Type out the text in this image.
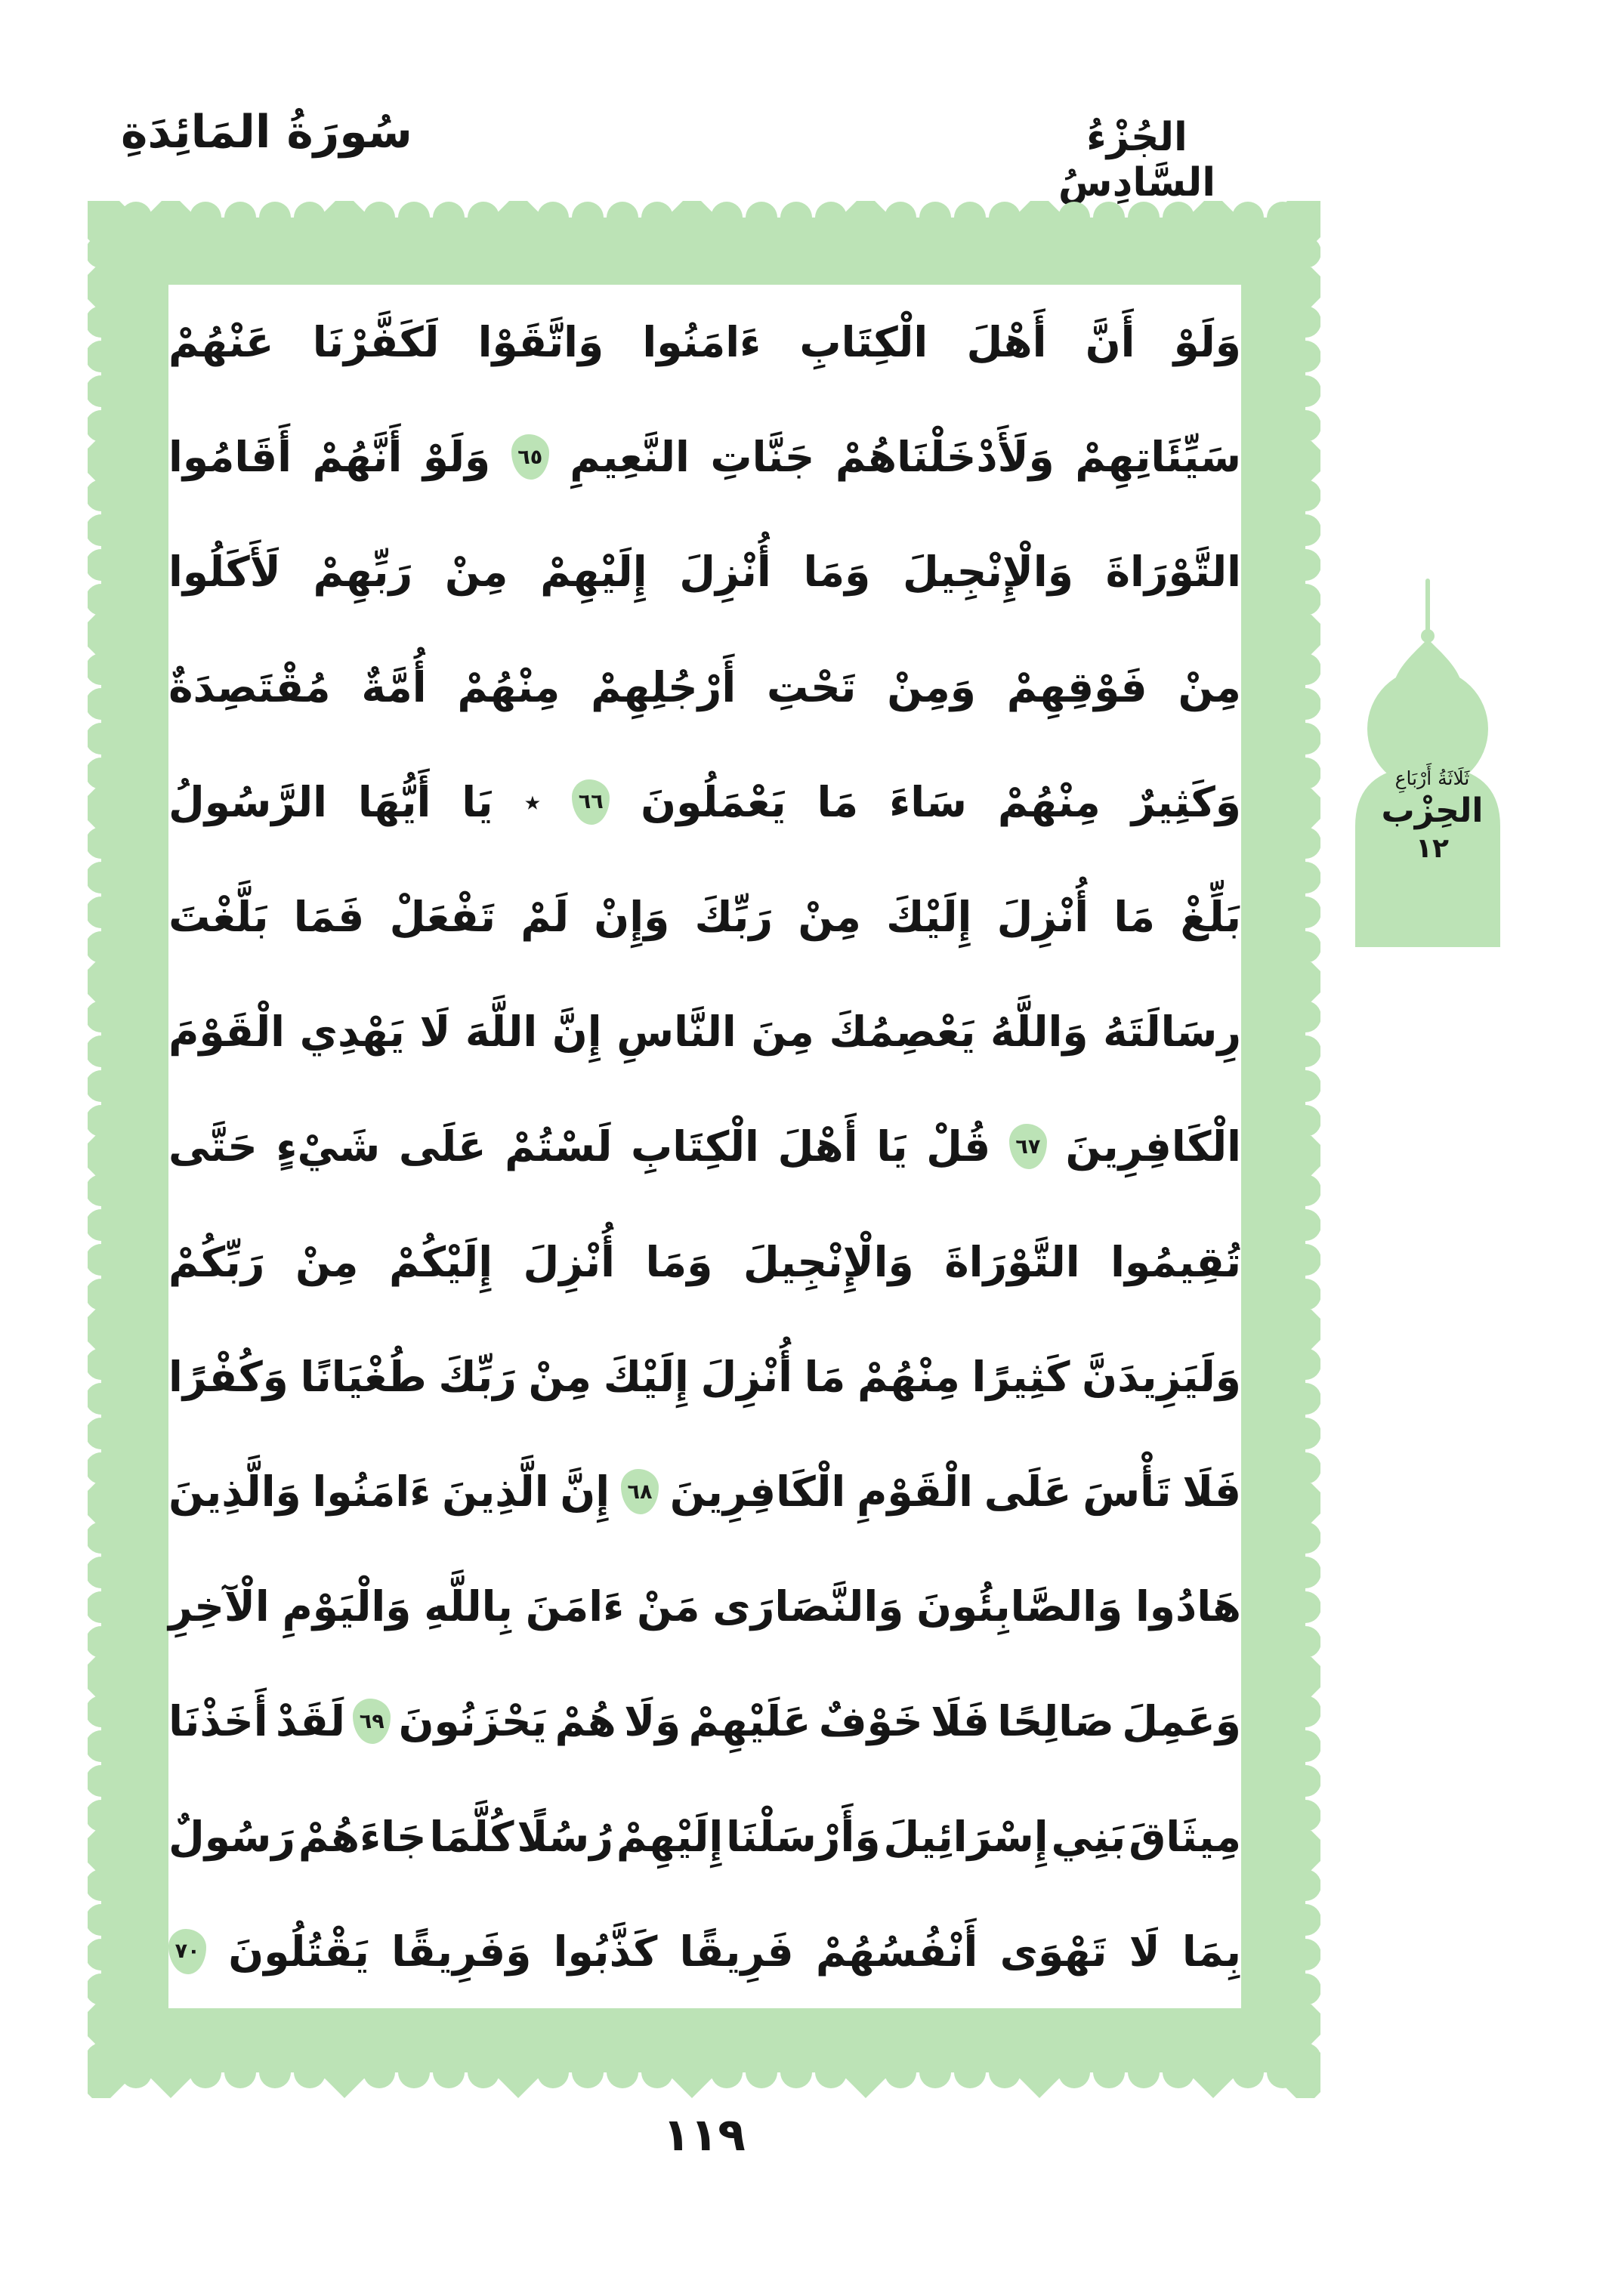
سُورَةُ المَائِدَةِ	الجُزْءُ السَّادِسُ
وَلَوْ
أَنَّ
أَهْلَ
الْكِتَابِ
ءَامَنُوا
وَاتَّقَوْا
لَكَفَّرْنَا
عَنْهُمْ
سَيِّئَاتِهِمْ
وَلَأَدْخَلْنَاهُمْ
جَنَّاتِ
النَّعِيمِ
٦٥
وَلَوْ
أَنَّهُمْ
أَقَامُوا
التَّوْرَاةَ
وَالْإِنْجِيلَ
وَمَا
أُنْزِلَ
إِلَيْهِمْ
مِنْ
رَبِّهِمْ
لَأَكَلُوا
مِنْ
فَوْقِهِمْ
وَمِنْ
تَحْتِ
أَرْجُلِهِمْ
مِنْهُمْ
أُمَّةٌ
مُقْتَصِدَةٌ
وَكَثِيرٌ
مِنْهُمْ
سَاءَ
مَا
يَعْمَلُونَ
٦٦
٭
يَا
أَيُّهَا
الرَّسُولُ
بَلِّغْ
مَا
أُنْزِلَ
إِلَيْكَ
مِنْ
رَبِّكَ
وَإِنْ
لَمْ
تَفْعَلْ
فَمَا
بَلَّغْتَ
رِسَالَتَهُ
وَاللَّهُ
يَعْصِمُكَ
مِنَ
النَّاسِ
إِنَّ
اللَّهَ
لَا
يَهْدِي
الْقَوْمَ
الْكَافِرِينَ
٦٧
قُلْ
يَا
أَهْلَ
الْكِتَابِ
لَسْتُمْ
عَلَى
شَيْءٍ
حَتَّى
تُقِيمُوا
التَّوْرَاةَ
وَالْإِنْجِيلَ
وَمَا
أُنْزِلَ
إِلَيْكُمْ
مِنْ
رَبِّكُمْ
وَلَيَزِيدَنَّ
كَثِيرًا
مِنْهُمْ
مَا
أُنْزِلَ
إِلَيْكَ
مِنْ
رَبِّكَ
طُغْيَانًا
وَكُفْرًا
فَلَا
تَأْسَ
عَلَى
الْقَوْمِ
الْكَافِرِينَ
٦٨
إِنَّ
الَّذِينَ
ءَامَنُوا
وَالَّذِينَ
هَادُوا
وَالصَّابِئُونَ
وَالنَّصَارَى
مَنْ
ءَامَنَ
بِاللَّهِ
وَالْيَوْمِ
الْآخِرِ
وَعَمِلَ
صَالِحًا
فَلَا
خَوْفٌ
عَلَيْهِمْ
وَلَا
هُمْ
يَحْزَنُونَ
٦٩
لَقَدْ
أَخَذْنَا
مِيثَاقَ
بَنِي
إِسْرَائِيلَ
وَأَرْسَلْنَا
إِلَيْهِمْ
رُسُلًا
كُلَّمَا
جَاءَهُمْ
رَسُولٌ
بِمَا
لَا
تَهْوَى
أَنْفُسُهُمْ
فَرِيقًا
كَذَّبُوا
وَفَرِيقًا
يَقْتُلُونَ
٧٠
ثَلَاثَةُ أَرْبَاعِ
الحِزْب
١٢
١١٩
